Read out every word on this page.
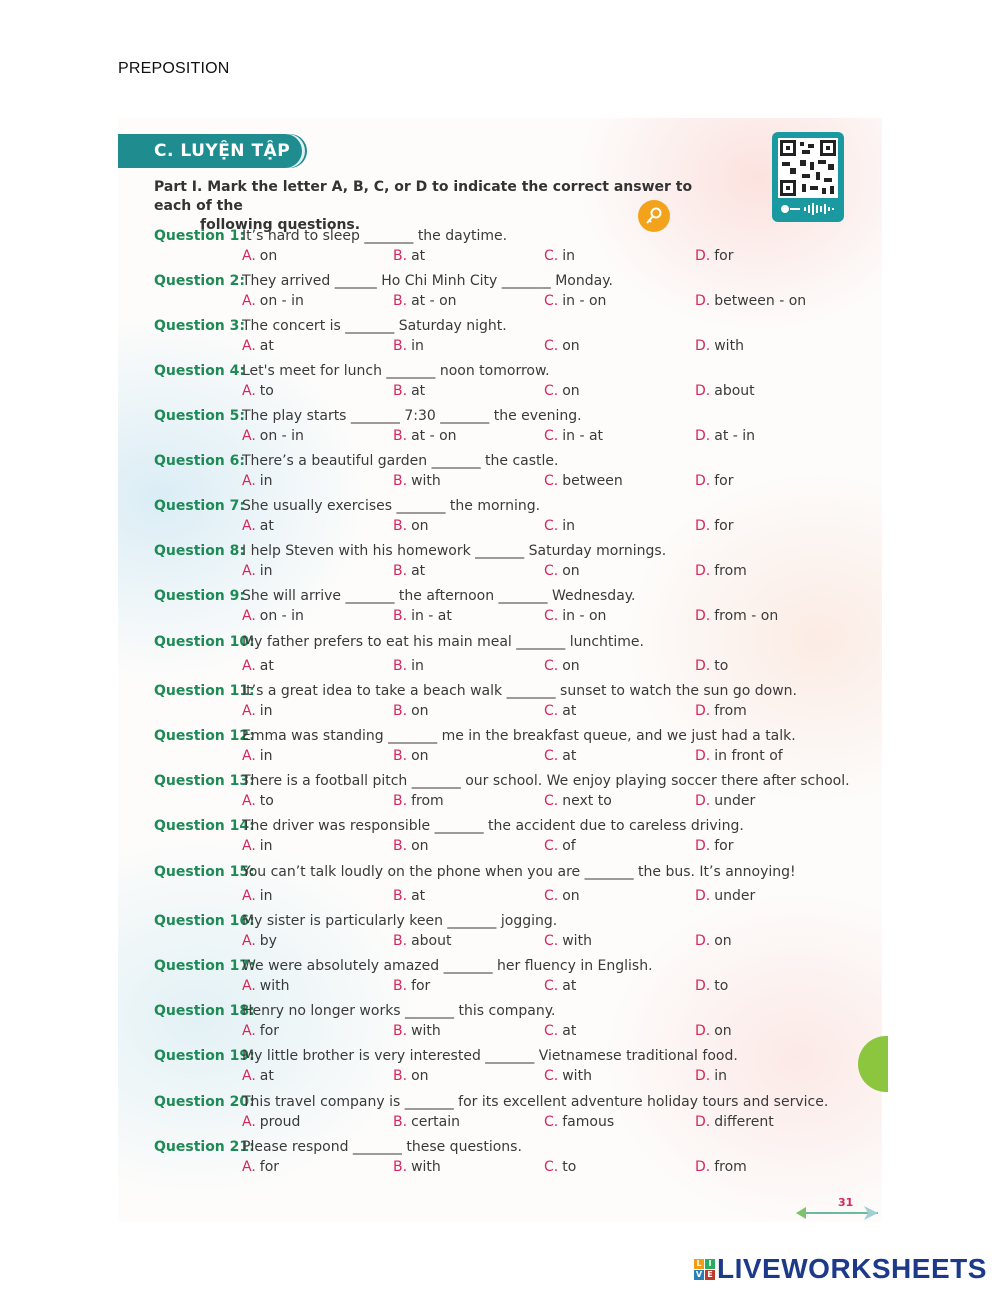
PREPOSITION
C. LUYỆN TẬP
Part I. Mark the letter A, B, C, or D to indicate the correct answer to each of the
following questions.
Question 1:
It’s hard to sleep _______ the daytime.
A. on	B. at	C. in	D. for
Question 2:
They arrived ______ Ho Chi Minh City _______ Monday.
A. on - in	B. at - on	C. in - on	D. between - on
Question 3:
The concert is _______ Saturday night.
A. at	B. in	C. on	D. with
Question 4:
Let's meet for lunch _______ noon tomorrow.
A. to	B. at	C. on	D. about
Question 5:
The play starts _______ 7:30 _______ the evening.
A. on - in	B. at - on	C. in - at	D. at - in
Question 6:
There’s a beautiful garden _______ the castle.
A. in	B. with	C. between	D. for
Question 7:
She usually exercises _______ the morning.
A. at	B. on	C. in	D. for
Question 8:
I help Steven with his homework _______ Saturday mornings.
A. in	B. at	C. on	D. from
Question 9:
She will arrive _______ the afternoon _______ Wednesday.
A. on - in	B. in - at	C. in - on	D. from - on
Question 10:
My father prefers to eat his main meal _______ lunchtime.
A. at	B. in	C. on	D. to
Question 11:
It’s a great idea to take a beach walk _______ sunset to watch the sun go down.
A. in	B. on	C. at	D. from
Question 12:
Emma was standing _______ me in the breakfast queue, and we just had a talk.
A. in	B. on	C. at	D. in front of
Question 13:
There is a football pitch _______ our school. We enjoy playing soccer there after school.
A. to	B. from	C. next to	D. under
Question 14:
The driver was responsible _______ the accident due to careless driving.
A. in	B. on	C. of	D. for
Question 15:
You can’t talk loudly on the phone when you are _______ the bus. It’s annoying!
A. in	B. at	C. on	D. under
Question 16:
My sister is particularly keen _______ jogging.
A. by	B. about	C. with	D. on
Question 17:
We were absolutely amazed _______ her fluency in English.
A. with	B. for	C. at	D. to
Question 18:
Henry no longer works _______ this company.
A. for	B. with	C. at	D. on
Question 19:
My little brother is very interested _______ Vietnamese traditional food.
A. at	B. on	C. with	D. in
Question 20:
This travel company is _______ for its excellent adventure holiday tours and service.
A. proud	B. certain	C. famous	D. different
Question 21:
Please respond _______ these questions.
A. for	B. with	C. to	D. from
31
L I
V E LIVEWORKSHEETS
